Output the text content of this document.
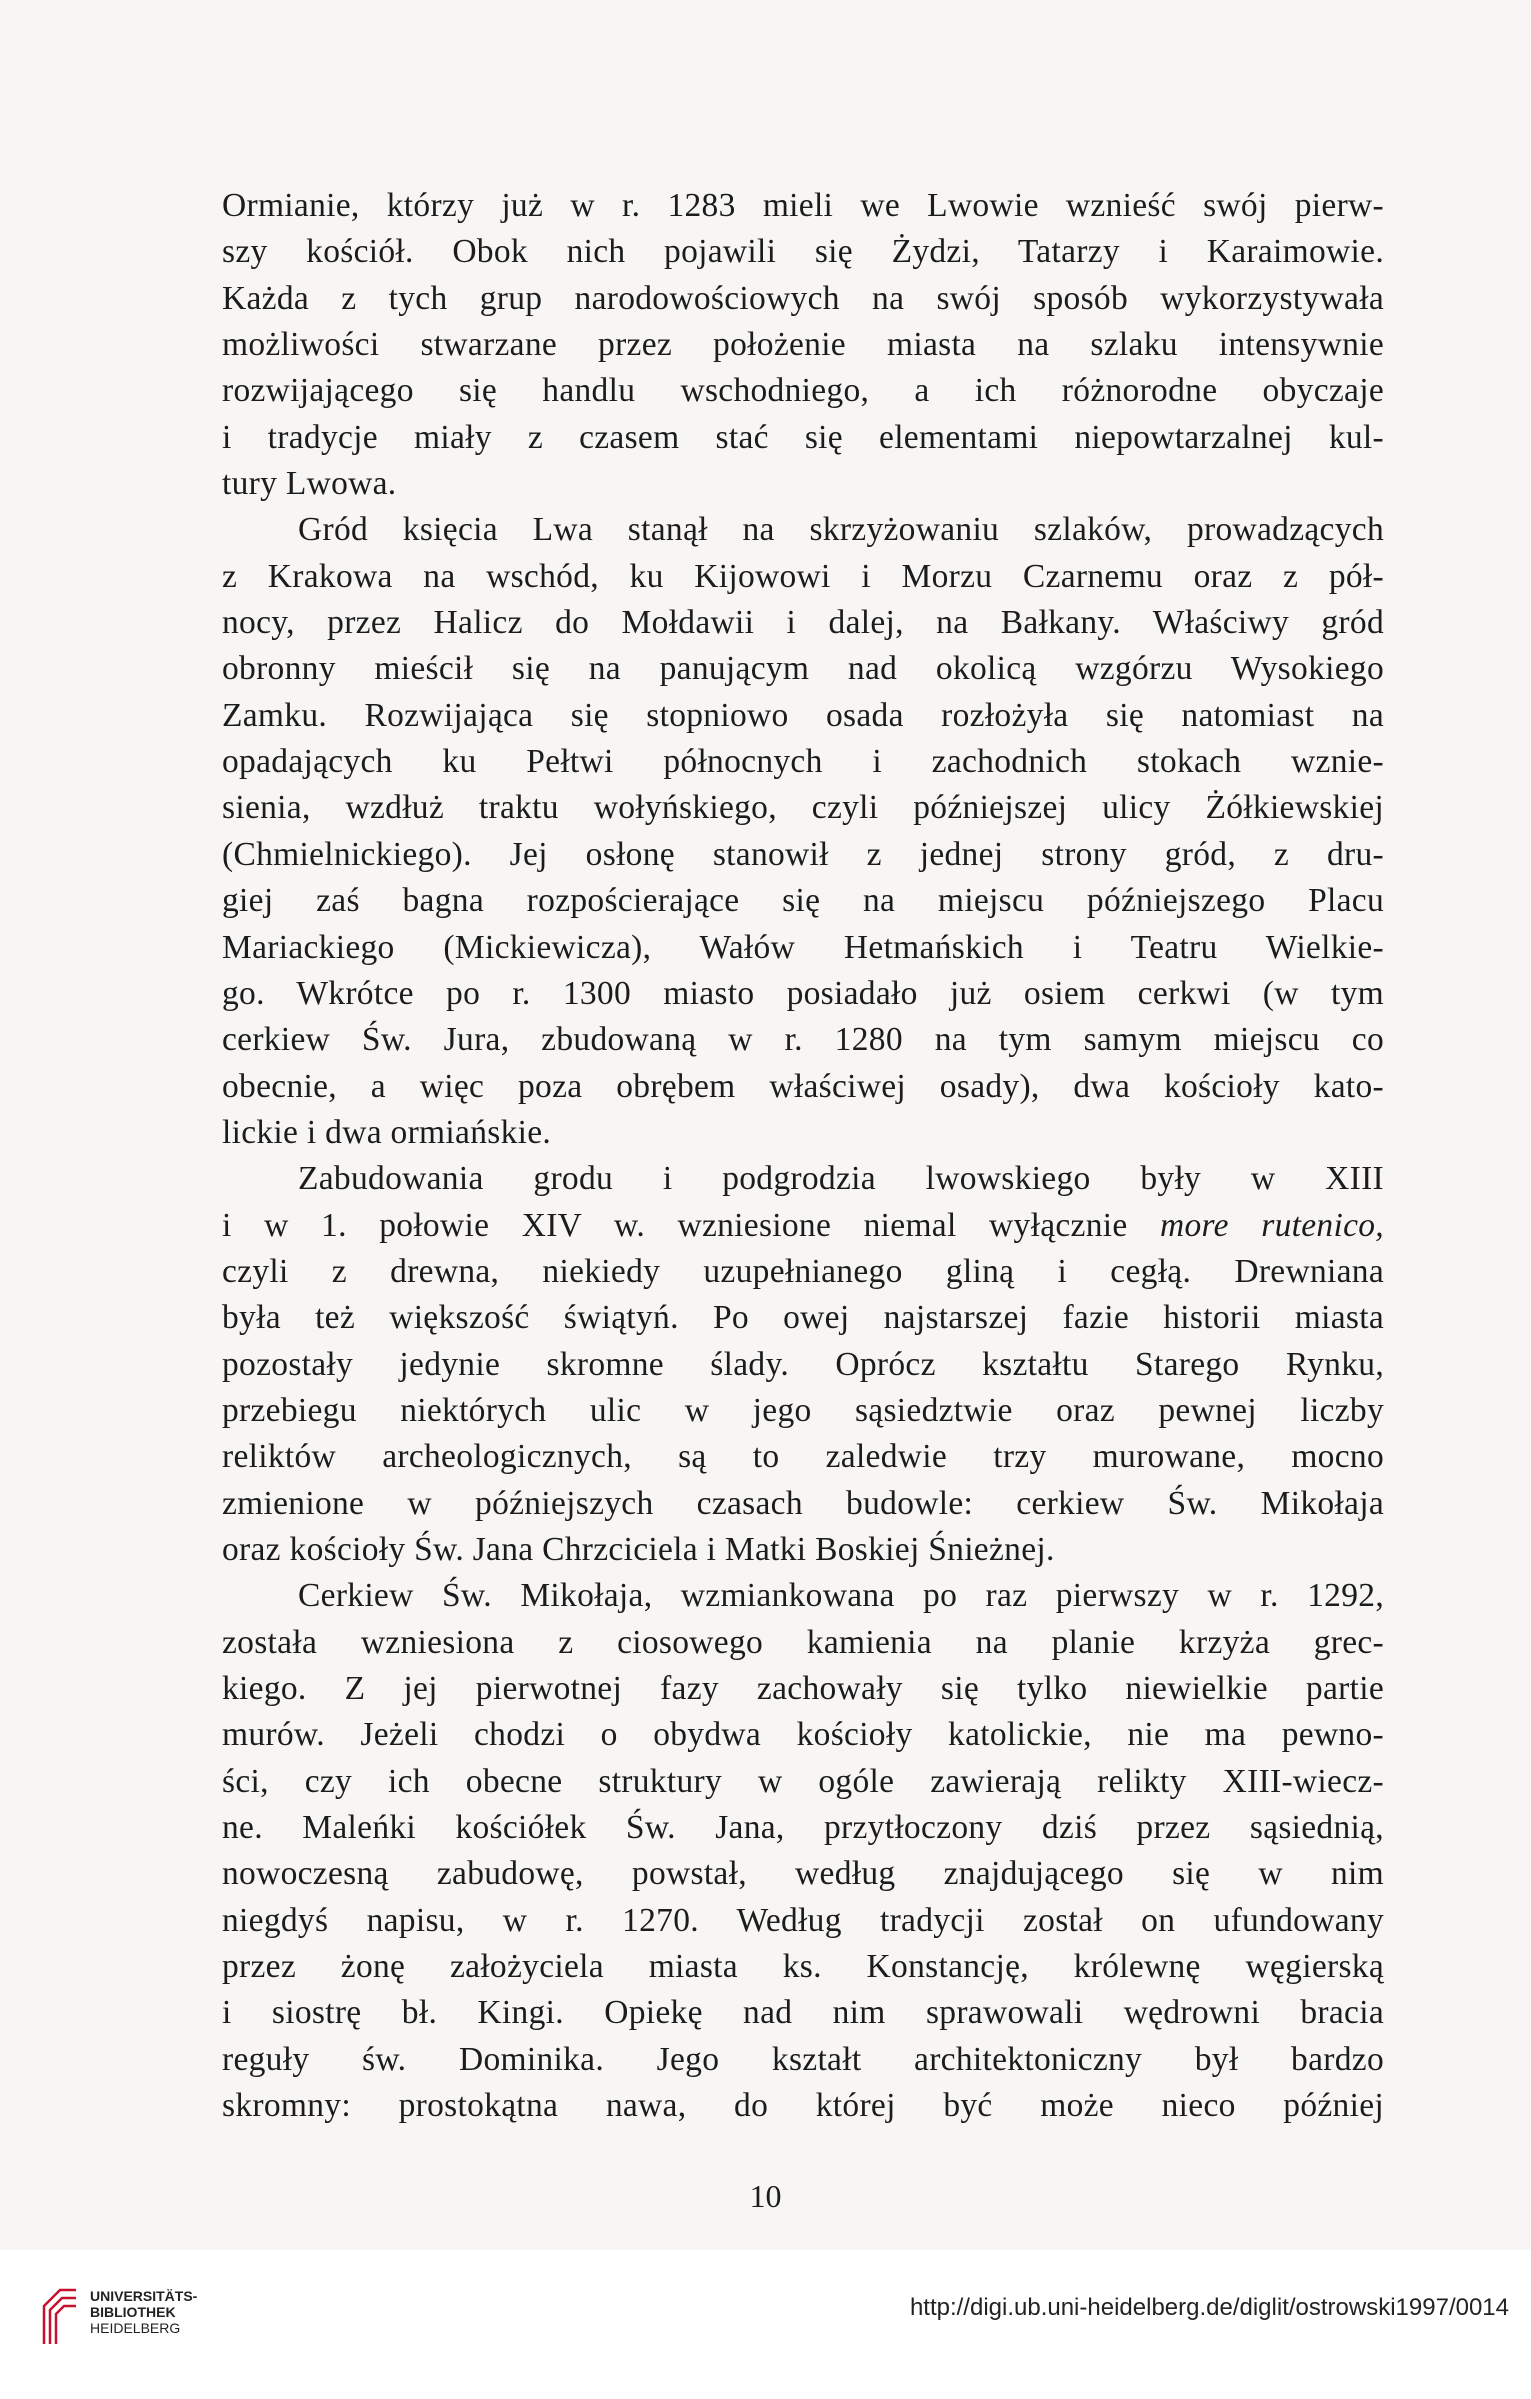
Ormianie, którzy już w r. 1283 mieli we Lwowie wznieść swój pierw-
szy kościół. Obok nich pojawili się Żydzi, Tatarzy i Karaimowie.
Każda z tych grup narodowościowych na swój sposób wykorzystywała
możliwości stwarzane przez położenie miasta na szlaku intensywnie
rozwijającego się handlu wschodniego, a ich różnorodne obyczaje
i tradycje miały z czasem stać się elementami niepowtarzalnej kul-
tury Lwowa.
Gród księcia Lwa stanął na skrzyżowaniu szlaków, prowadzących
z Krakowa na wschód, ku Kijowowi i Morzu Czarnemu oraz z pół-
nocy, przez Halicz do Mołdawii i dalej, na Bałkany. Właściwy gród
obronny mieścił się na panującym nad okolicą wzgórzu Wysokiego
Zamku. Rozwijająca się stopniowo osada rozłożyła się natomiast na
opadających ku Pełtwi północnych i zachodnich stokach wznie-
sienia, wzdłuż traktu wołyńskiego, czyli późniejszej ulicy Żółkiewskiej
(Chmielnickiego). Jej osłonę stanowił z jednej strony gród, z dru-
giej zaś bagna rozpościerające się na miejscu późniejszego Placu
Mariackiego (Mickiewicza), Wałów Hetmańskich i Teatru Wielkie-
go. Wkrótce po r. 1300 miasto posiadało już osiem cerkwi (w tym
cerkiew Św. Jura, zbudowaną w r. 1280 na tym samym miejscu co
obecnie, a więc poza obrębem właściwej osady), dwa kościoły kato-
lickie i dwa ormiańskie.
Zabudowania grodu i podgrodzia lwowskiego były w XIII
i w 1. połowie XIV w. wzniesione niemal wyłącznie more rutenico,
czyli z drewna, niekiedy uzupełnianego gliną i cegłą. Drewniana
była też większość świątyń. Po owej najstarszej fazie historii miasta
pozostały jedynie skromne ślady. Oprócz kształtu Starego Rynku,
przebiegu niektórych ulic w jego sąsiedztwie oraz pewnej liczby
reliktów archeologicznych, są to zaledwie trzy murowane, mocno
zmienione w późniejszych czasach budowle: cerkiew Św. Mikołaja
oraz kościoły Św. Jana Chrzciciela i Matki Boskiej Śnieżnej.
Cerkiew Św. Mikołaja, wzmiankowana po raz pierwszy w r. 1292,
została wzniesiona z ciosowego kamienia na planie krzyża grec-
kiego. Z jej pierwotnej fazy zachowały się tylko niewielkie partie
murów. Jeżeli chodzi o obydwa kościoły katolickie, nie ma pewno-
ści, czy ich obecne struktury w ogóle zawierają relikty XIII-wiecz-
ne. Maleńki kościółek Św. Jana, przytłoczony dziś przez sąsiednią,
nowoczesną zabudowę, powstał, według znajdującego się w nim
niegdyś napisu, w r. 1270. Według tradycji został on ufundowany
przez żonę założyciela miasta ks. Konstancję, królewnę węgierską
i siostrę bł. Kingi. Opiekę nad nim sprawowali wędrowni bracia
reguły św. Dominika. Jego kształt architektoniczny był bardzo
skromny: prostokątna nawa, do której być może nieco później
10
UNIVERSITÄTS-
BIBLIOTHEK
HEIDELBERG
http://digi.ub.uni-heidelberg.de/diglit/ostrowski1997/0014
